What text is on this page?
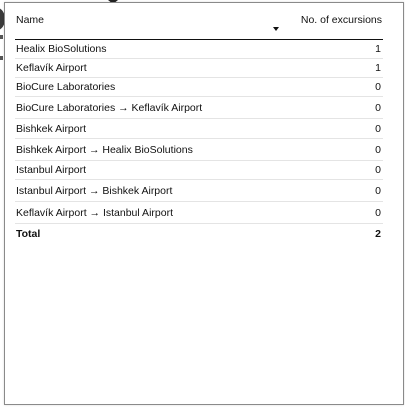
Name	No. of excursions

Healix BioSolutions	1
Keflavík Airport	1
BioCure Laboratories	0
BioCure Laboratories → Keflavík Airport	0
Bishkek Airport	0
Bishkek Airport → Healix BioSolutions	0
Istanbul Airport	0
Istanbul Airport → Bishkek Airport	0
Keflavík Airport → Istanbul Airport	0
Total	2
